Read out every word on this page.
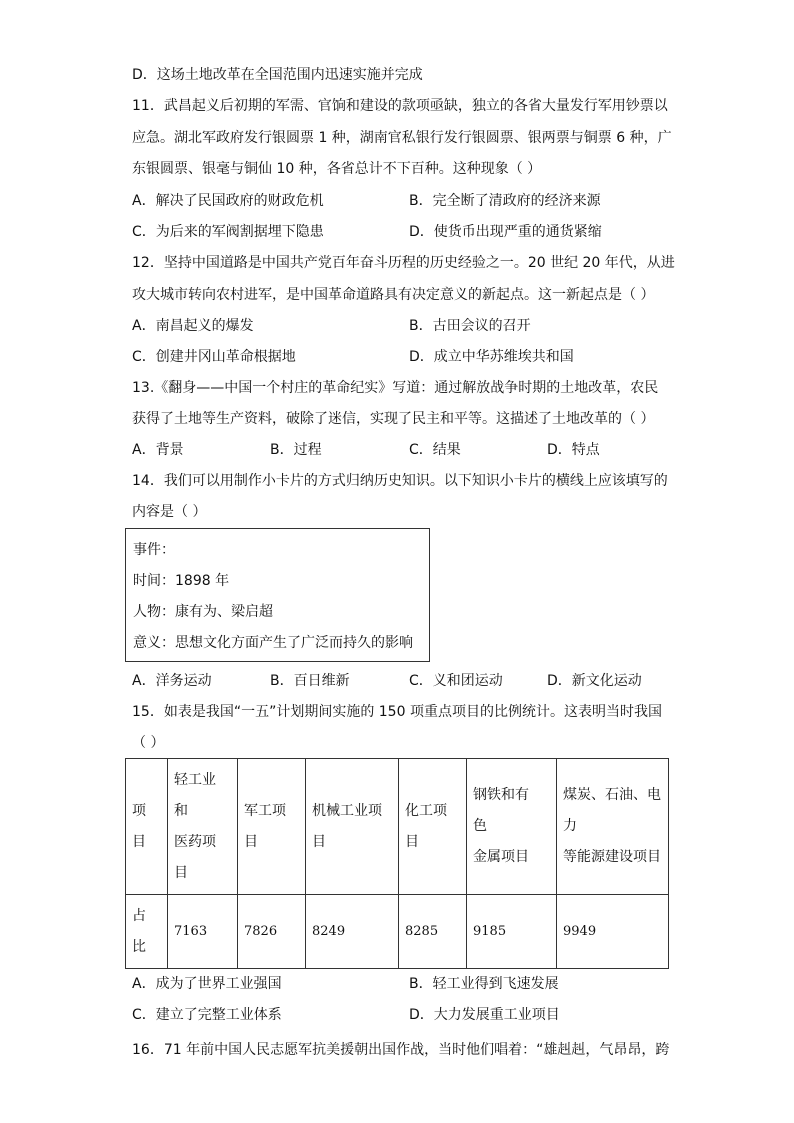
D．这场土地改革在全国范围内迅速实施并完成
11．武昌起义后初期的军需、官饷和建设的款项亟缺，独立的各省大量发行军用钞票以
应急。湖北军政府发行银圆票 1 种，湖南官私银行发行银圆票、银两票与铜票 6 种，广
东银圆票、银毫与铜仙 10 种，各省总计不下百种。这种现象（ ）
A．解决了民国政府的财政危机	B．完全断了清政府的经济来源
C．为后来的军阀割据埋下隐患	D．使货币出现严重的通货紧缩
12．坚持中国道路是中国共产党百年奋斗历程的历史经验之一。20 世纪 20 年代，从进
攻大城市转向农村进军，是中国革命道路具有决定意义的新起点。这一新起点是（ ）
A．南昌起义的爆发	B．古田会议的召开
C．创建井冈山革命根据地	D．成立中华苏维埃共和国
13.《翻身——中国一个村庄的革命纪实》写道：通过解放战争时期的土地改革，农民
获得了土地等生产资料，破除了迷信，实现了民主和平等。这描述了土地改革的（ ）
A．背景	B．过程	C．结果	D．特点
14．我们可以用制作小卡片的方式归纳历史知识。以下知识小卡片的横线上应该填写的
内容是（ ）
事件：
时间：1898 年
人物：康有为、梁启超
意义：思想文化方面产生了广泛而持久的影响
A．洋务运动	B．百日维新	C．义和团运动	D．新文化运动
15．如表是我国“一五”计划期间实施的 150 项重点项目的比例统计。这表明当时我国
（ ）
项
目	轻工业
和
医药项
目	军工项
目	机械工业项
目	化工项
目	钢铁和有
色
金属项目	煤炭、石油、电
力
等能源建设项目

占
比	7163	7826	8249	8285	9185	9949
A．成为了世界工业强国	B．轻工业得到飞速发展
C．建立了完整工业体系	D．大力发展重工业项目
16．71 年前中国人民志愿军抗美援朝出国作战，当时他们唱着：“雄赳赳，气昂昂，跨
